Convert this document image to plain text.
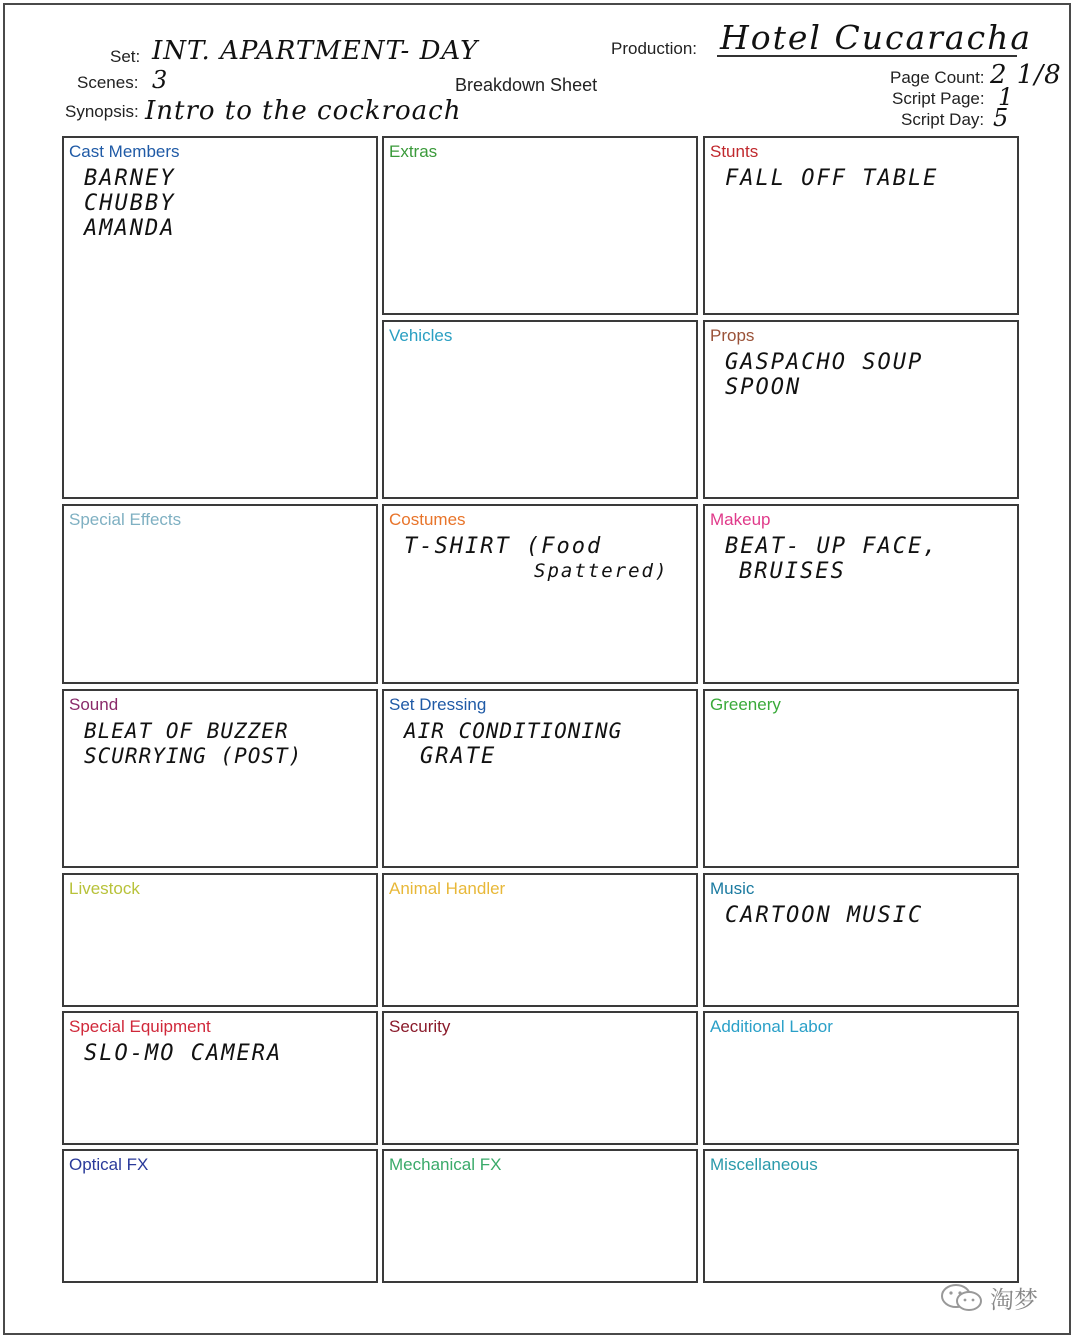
Set: INT. APARTMENT- DAY
Scenes: 3
Synopsis: Intro to the cockroach
Breakdown Sheet
Production: Hotel Cucaracha
Page Count: 2 1/8
Script Page: 1
Script Day: 5
Cast Members
BARNEY
CHUBBY
AMANDA
Extras	Stunts
FALL OFF TABLE
Vehicles	Props
GASPACHO SOUP
SPOON
Special Effects	Costumes
T-SHIRT (Food
Spattered)
Makeup
BEAT- UP FACE,
BRUISES
Sound
BLEAT OF BUZZER
SCURRYING (POST)
Set Dressing
AIR CONDITIONING
GRATE
Greenery
Livestock	Animal Handler	Music
CARTOON MUSIC
Special Equipment
SLO-MO CAMERA
Security	Additional Labor
Optical FX	Mechanical FX	Miscellaneous
淘梦
